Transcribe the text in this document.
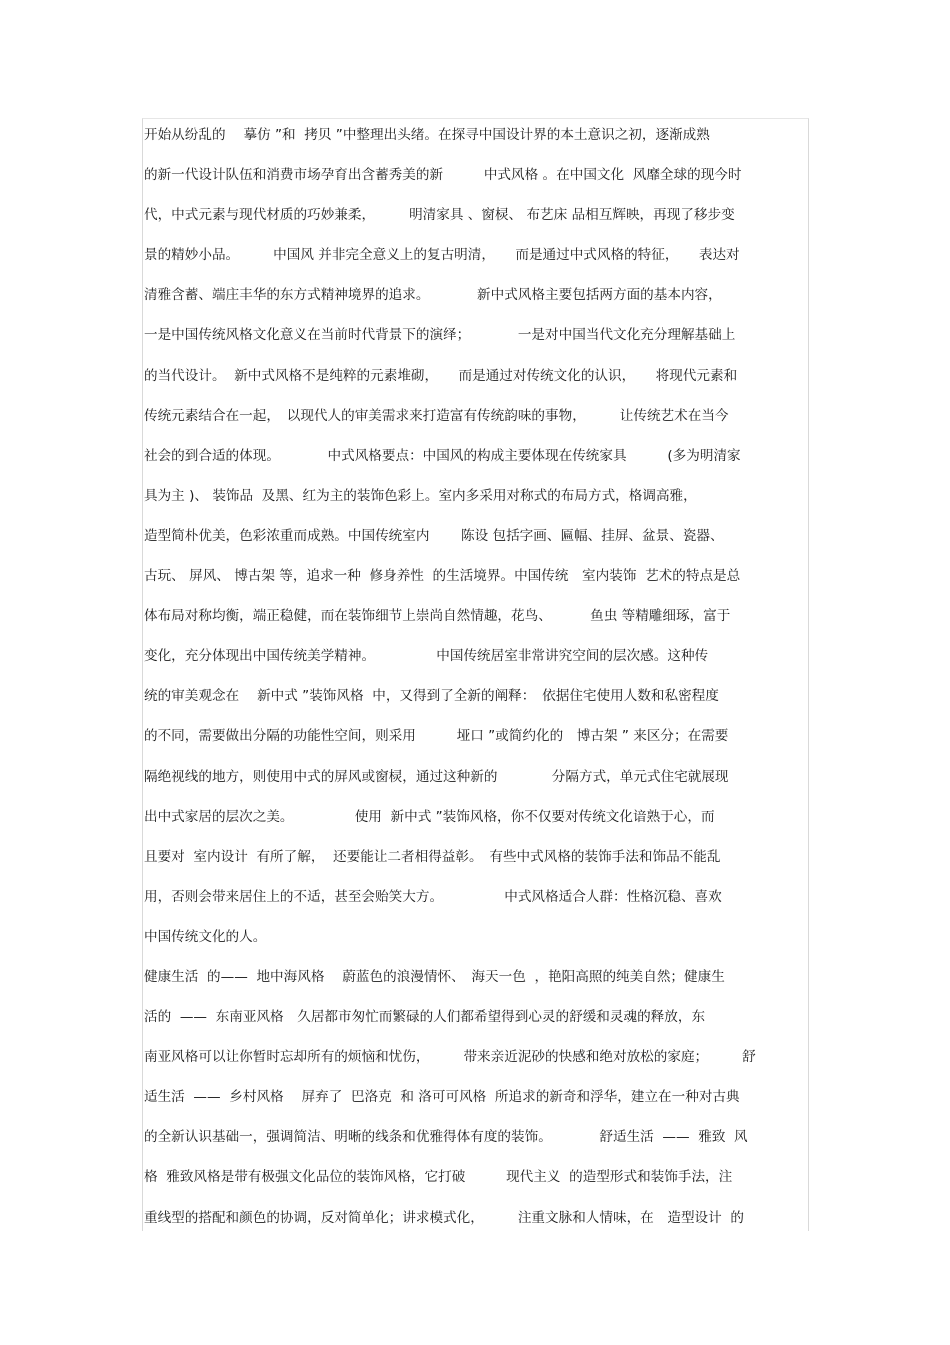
开始从纷乱的　 摹仿 ”和  拷贝 ”中整理出头绪。在探寻中国设计界的本土意识之初，逐渐成熟
的新一代设计队伍和消费市场孕育出含蓄秀美的新　　　中式风格 。在中国文化  风靡全球的现今时
代，中式元素与现代材质的巧妙兼柔，　　　明清家具 、窗棂、 布艺床 品相互辉映，再现了移步变
景的精妙小品。　　　中国风 并非完全意义上的复古明清，　　而是通过中式风格的特征，　　表达对
清雅含蓄、端庄丰华的东方式精神境界的追求。　　　　新中式风格主要包括两方面的基本内容，
一是中国传统风格文化意义在当前时代背景下的演绎；　　　　一是对中国当代文化充分理解基础上
的当代设计。  新中式风格不是纯粹的元素堆砌，　　而是通过对传统文化的认识，　　将现代元素和
传统元素结合在一起，　以现代人的审美需求来打造富有传统韵味的事物，　　　让传统艺术在当今
社会的到合适的体现。　　　　中式风格要点：中国风的构成主要体现在传统家具　　　(多为明清家
具为主 )、 装饰品  及黑、红为主的装饰色彩上。室内多采用对称式的布局方式，格调高雅，
造型简朴优美，色彩浓重而成熟。中国传统室内　　 陈设 包括字画、匾幅、挂屏、盆景、瓷器、
古玩、 屏风、 博古架 等，追求一种  修身养性  的生活境界。中国传统　室内装饰  艺术的特点是总
体布局对称均衡，端正稳健，而在装饰细节上崇尚自然情趣，花鸟、　　　 鱼虫 等精雕细琢，富于
变化，充分体现出中国传统美学精神。　　　　　中国传统居室非常讲究空间的层次感。这种传
统的审美观念在　 新中式 ”装饰风格  中，又得到了全新的阐释：　依据住宅使用人数和私密程度
的不同，需要做出分隔的功能性空间，则采用　　　垭口 ”或简约化的　博古架 ” 来区分；在需要
隔绝视线的地方，则使用中式的屏风或窗棂，通过这种新的　　　　分隔方式，单元式住宅就展现
出中式家居的层次之美。　　　　　使用  新中式 ”装饰风格，你不仅要对传统文化谙熟于心，而
且要对  室内设计  有所了解，  还要能让二者相得益彰。　有些中式风格的装饰手法和饰品不能乱
用，否则会带来居住上的不适，甚至会贻笑大方。　　　　　中式风格适合人群：性格沉稳、喜欢
中国传统文化的人。
健康生活  的——  地中海风格　 蔚蓝色的浪漫情怀、　海天一色  ，艳阳高照的纯美自然；健康生
活的  ——  东南亚风格　久居都市匆忙而繁碌的人们都希望得到心灵的舒缓和灵魂的释放，东
南亚风格可以让你暂时忘却所有的烦恼和忧伤，　　　带来亲近泥砂的快感和绝对放松的家庭；　　　舒
适生活  ——  乡村风格　 屏弃了  巴洛克  和 洛可可风格  所追求的新奇和浮华，建立在一种对古典
的全新认识基础一，强调简洁、明晰的线条和优雅得体有度的装饰。　　　　舒适生活  ——  雅致  风
格  雅致风格是带有极强文化品位的装饰风格，它打破　　　现代主义  的造型形式和装饰手法，注
重线型的搭配和颜色的协调，反对简单化；讲求模式化，　　　注重文脉和人情味，在　造型设计  的
